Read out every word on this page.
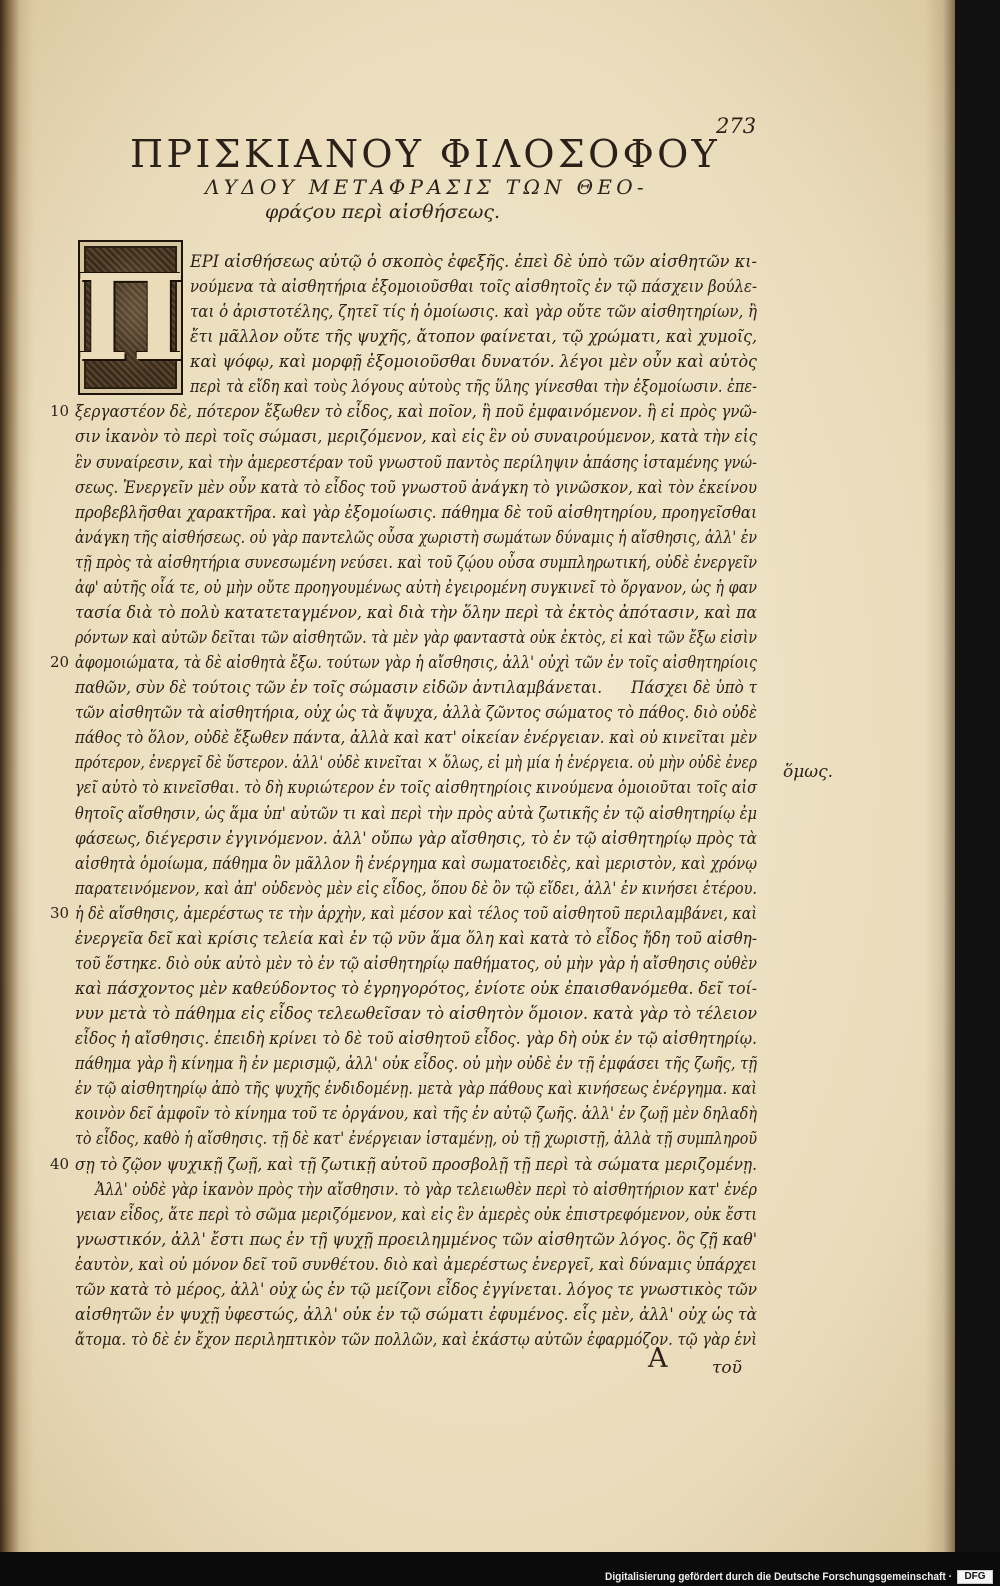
273
ΠΡΙΣΚΙΑΝΟΥ ΦΙΛΟΣΟΦΟΥ
ΛΥΔΟΥ ΜΕΤΑΦΡΑΣΙΣ ΤΩΝ ΘΕΟ-
φράϛου περὶ αἰσθήσεως.
Π
ὅμως.
Α	τοῦ
ΕΡΙ αἰσθήσεως αὐτῷ ὁ σκοπὸς ἐφεξῆς. ἐπεὶ δὲ ὑπὸ τῶν αἰσθητῶν κι-
νούμενα τὰ αἰσθητήρια ἐξομοιοῦσθαι τοῖς αἰσθητοῖς ἐν τῷ πάσχειν βούλε-
ται ὁ ἀριστοτέλης, ζητεῖ τίς ἡ ὁμοίωσις. καὶ γὰρ οὔτε τῶν αἰσθητηρίων, ἢ
ἔτι μᾶλλον οὔτε τῆς ψυχῆς, ἄτοπον φαίνεται, τῷ χρώματι, καὶ χυμοῖς,
καὶ ψόφῳ, καὶ μορφῇ ἐξομοιοῦσθαι δυνατόν. λέγοι μὲν οὖν καὶ αὐτὸς
περὶ τὰ εἴδη καὶ τοὺς λόγους αὐτοὺς τῆς ὕλης γίνεσθαι τὴν ἐξομοίωσιν. ἐπε-
ξεργαστέον δὲ, πότερον ἔξωθεν τὸ εἶδος, καὶ ποῖον, ἢ ποῦ ἐμφαινόμενον. ἢ εἰ πρὸς γνῶ-
σιν ἱκανὸν τὸ περὶ τοῖς σώμασι, μεριζόμενον, καὶ εἰς ἓν οὐ συναιρούμενον, κατὰ τὴν εἰς
ἓν συναίρεσιν, καὶ τὴν ἀμερεστέραν τοῦ γνωστοῦ παντὸς περίληψιν ἁπάσης ἱσταμένης γνώ-
σεως. Ἐνεργεῖν μὲν οὖν κατὰ τὸ εἶδος τοῦ γνωστοῦ ἀνάγκη τὸ γινῶσκον, καὶ τὸν ἐκείνου
προβεβλῆσθαι χαρακτῆρα. καὶ γὰρ ἐξομοίωσις. πάθημα δὲ τοῦ αἰσθητηρίου, προηγεῖσθαι
ἀνάγκη τῆς αἰσθήσεως. οὐ γὰρ παντελῶς οὖσα χωριστὴ σωμάτων δύναμις ἡ αἴσθησις, ἀλλ' ἐν
τῇ πρὸς τὰ αἰσθητήρια συνεσωμένη νεύσει. καὶ τοῦ ζῴου οὖσα συμπληρωτική, οὐδὲ ἐνεργεῖν
ἀφ' αὑτῆς οἷά τε, οὐ μὴν οὔτε προηγουμένως αὐτὴ ἐγειρομένη συγκινεῖ τὸ ὄργανον, ὡς ἡ φαν
τασία διὰ τὸ πολὺ κατατεταγμένον, καὶ διὰ τὴν ὅλην περὶ τὰ ἐκτὸς ἀπότασιν, καὶ πα
ρόντων καὶ αὐτῶν δεῖται τῶν αἰσθητῶν. τὰ μὲν γὰρ φανταστὰ οὐκ ἐκτὸς, εἰ καὶ τῶν ἔξω εἰσὶν
ἀφομοιώματα, τὰ δὲ αἰσθητὰ ἔξω. τούτων γὰρ ἡ αἴσθησις, ἀλλ' οὐχὶ τῶν ἐν τοῖς αἰσθητηρίοις
παθῶν, σὺν δὲ τούτοις τῶν ἐν τοῖς σώμασιν εἰδῶν ἀντιλαμβάνεται.      Πάσχει δὲ ὑπὸ τ
τῶν αἰσθητῶν τὰ αἰσθητήρια, οὐχ ὡς τὰ ἄψυχα, ἀλλὰ ζῶντος σώματος τὸ πάθος. διὸ οὐδὲ
πάθος τὸ ὅλον, οὐδὲ ἔξωθεν πάντα, ἀλλὰ καὶ κατ' οἰκείαν ἐνέργειαν. καὶ οὐ κινεῖται μὲν
πρότερον, ἐνεργεῖ δὲ ὕστερον. ἀλλ' οὐδὲ κινεῖται × ὅλως, εἰ μὴ μία ἡ ἐνέργεια. οὐ μὴν οὐδὲ ἐνερ
γεῖ αὐτὸ τὸ κινεῖσθαι. τὸ δὴ κυριώτερον ἐν τοῖς αἰσθητηρίοις κινούμενα ὁμοιοῦται τοῖς αἰσ
θητοῖς αἴσθησιν, ὡς ἅμα ὑπ' αὐτῶν τι καὶ περὶ τὴν πρὸς αὐτὰ ζωτικῆς ἐν τῷ αἰσθητηρίῳ ἐμ
φάσεως, διέγερσιν ἐγγινόμενον. ἀλλ' οὔπω γὰρ αἴσθησις, τὸ ἐν τῷ αἰσθητηρίῳ πρὸς τὰ
αἰσθητὰ ὁμοίωμα, πάθημα ὂν μᾶλλον ἢ ἐνέργημα καὶ σωματοειδὲς, καὶ μεριστὸν, καὶ χρόνῳ
παρατεινόμενον, καὶ ἀπ' οὐδενὸς μὲν εἰς εἶδος, ὅπου δὲ ὂν τῷ εἴδει, ἀλλ' ἐν κινήσει ἑτέρου.
ἡ δὲ αἴσθησις, ἀμερέστως τε τὴν ἀρχὴν, καὶ μέσον καὶ τέλος τοῦ αἰσθητοῦ περιλαμβάνει, καὶ
ἐνεργεῖα δεῖ καὶ κρίσις τελεία καὶ ἐν τῷ νῦν ἅμα ὅλη καὶ κατὰ τὸ εἶδος ἤδη τοῦ αἰσθη-
τοῦ ἕστηκε. διὸ οὐκ αὐτὸ μὲν τὸ ἐν τῷ αἰσθητηρίῳ παθήματος, οὐ μὴν γὰρ ἡ αἴσθησις οὐθὲν
καὶ πάσχοντος μὲν καθεύδοντος τὸ ἐγρηγορότος, ἐνίοτε οὐκ ἐπαισθανόμεθα. δεῖ τοί-
νυν μετὰ τὸ πάθημα εἰς εἶδος τελεωθεῖσαν τὸ αἰσθητὸν ὅμοιον. κατὰ γὰρ τὸ τέλειον
εἶδος ἡ αἴσθησις. ἐπειδὴ κρίνει τὸ δὲ τοῦ αἰσθητοῦ εἶδος. γὰρ δὴ οὐκ ἐν τῷ αἰσθητηρίῳ.
πάθημα γὰρ ἢ κίνημα ἢ ἐν μερισμῷ, ἀλλ' οὐκ εἶδος. οὐ μὴν οὐδὲ ἐν τῇ ἐμφάσει τῆς ζωῆς, τῇ
ἐν τῷ αἰσθητηρίῳ ἀπὸ τῆς ψυχῆς ἐνδιδομένῃ. μετὰ γὰρ πάθους καὶ κινήσεως ἐνέργημα. καὶ
κοινὸν δεῖ ἀμφοῖν τὸ κίνημα τοῦ τε ὀργάνου, καὶ τῆς ἐν αὐτῷ ζωῆς. ἀλλ' ἐν ζωῇ μὲν δηλαδὴ
τὸ εἶδος, καθὸ ἡ αἴσθησις. τῇ δὲ κατ' ἐνέργειαν ἱσταμένῃ, οὐ τῇ χωριστῇ, ἀλλὰ τῇ συμπληροῦ
σῃ τὸ ζῷον ψυχικῇ ζωῇ, καὶ τῇ ζωτικῇ αὐτοῦ προσβολῇ τῇ περὶ τὰ σώματα μεριζομένῃ.
Ἀλλ' οὐδὲ γὰρ ἱκανὸν πρὸς τὴν αἴσθησιν. τὸ γὰρ τελειωθὲν περὶ τὸ αἰσθητήριον κατ' ἐνέρ
γειαν εἶδος, ἅτε περὶ τὸ σῶμα μεριζόμενον, καὶ εἰς ἓν ἀμερὲς οὐκ ἐπιστρεφόμενον, οὐκ ἔστι
γνωστικόν, ἀλλ' ἔστι πως ἐν τῇ ψυχῇ προειλημμένος τῶν αἰσθητῶν λόγος. ὃς ζῇ καθ'
ἑαυτὸν, καὶ οὐ μόνον δεῖ τοῦ συνθέτου. διὸ καὶ ἀμερέστως ἐνεργεῖ, καὶ δύναμις ὑπάρχει
τῶν κατὰ τὸ μέρος, ἀλλ' οὐχ ὡς ἐν τῷ μείζονι εἶδος ἐγγίνεται. λόγος τε γνωστικὸς τῶν
αἰσθητῶν ἐν ψυχῇ ὑφεστώς, ἀλλ' οὐκ ἐν τῷ σώματι ἐφυμένος. εἷς μὲν, ἀλλ' οὐχ ὡς τὰ
ἄτομα. τὸ δὲ ἐν ἔχον περιληπτικὸν τῶν πολλῶν, καὶ ἑκάστῳ αὐτῶν ἐφαρμόζον. τῷ γὰρ ἑνὶ
10
20
30
40
Digitalisierung gefördert durch die Deutsche Forschungsgemeinschaft ·	DFG
